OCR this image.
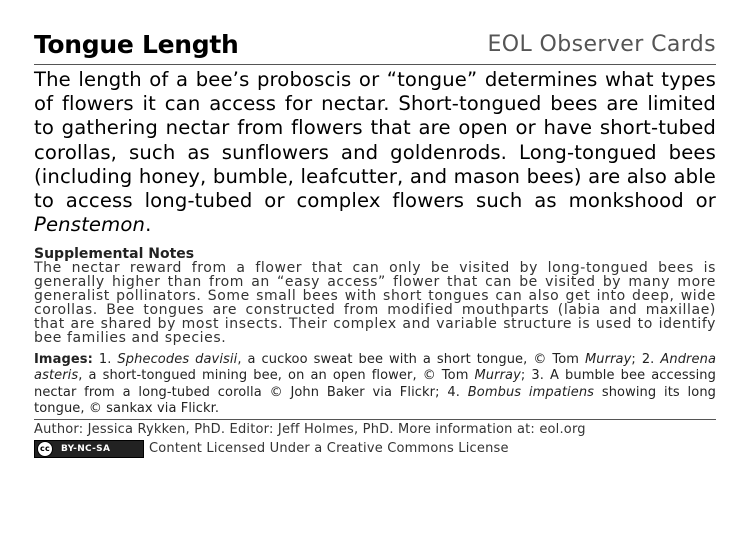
Tongue Length	EOL Observer Cards
The length of a bee’s proboscis or “tongue” determines what types of flowers it can access for nectar. Short-tongued bees are limited to gathering nectar from flowers that are open or have short-tubed corollas, such as sunflowers and goldenrods. Long-tongued bees (including honey, bumble, leafcutter, and mason bees) are also able to access long-tubed or complex flowers such as monkshood or Penstemon.
Supplemental Notes
The nectar reward from a flower that can only be visited by long-tongued bees is generally higher than from an “easy access” flower that can be visited by many more generalist pollinators. Some small bees with short tongues can also get into deep, wide corollas. Bee tongues are constructed from modified mouthparts (labia and maxillae) that are shared by most insects. Their complex and variable structure is used to identify bee families and species.
Images: 1. Sphecodes davisii, a cuckoo sweat bee with a short tongue, © Tom Murray; 2. Andrena asteris, a short-tongued mining bee, on an open flower, © Tom Murray; 3. A bumble bee accessing nectar from a long-tubed corolla © John Baker via Flickr; 4. Bombus impatiens showing its long tongue, © sankax via Flickr.
Author: Jessica Rykken, PhD. Editor: Jeff Holmes, PhD. More information at: eol.org
cc	BY-NC-SA	Content Licensed Under a Creative Commons License
